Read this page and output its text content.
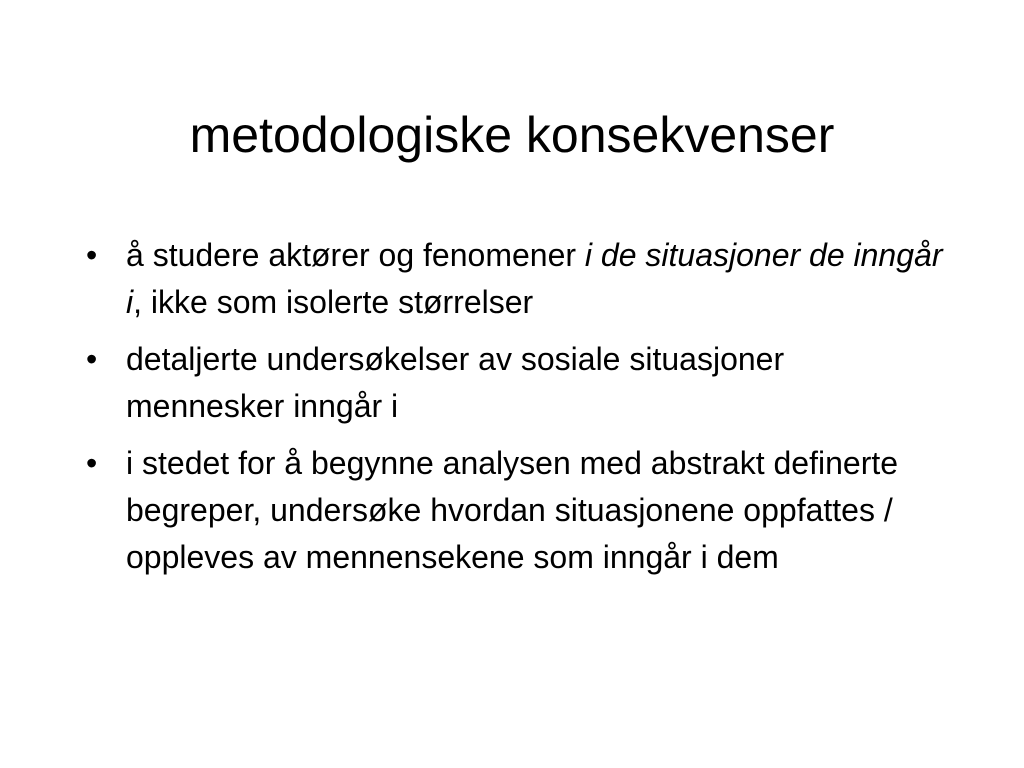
metodologiske konsekvenser
• å studere aktører og fenomener i de situasjoner de inngår i, ikke som isolerte størrelser
• detaljerte undersøkelser av sosiale situasjoner mennesker inngår i
• i stedet for å begynne analysen med abstrakt definerte begreper, undersøke hvordan situasjonene oppfattes / oppleves av mennensekene som inngår i dem
